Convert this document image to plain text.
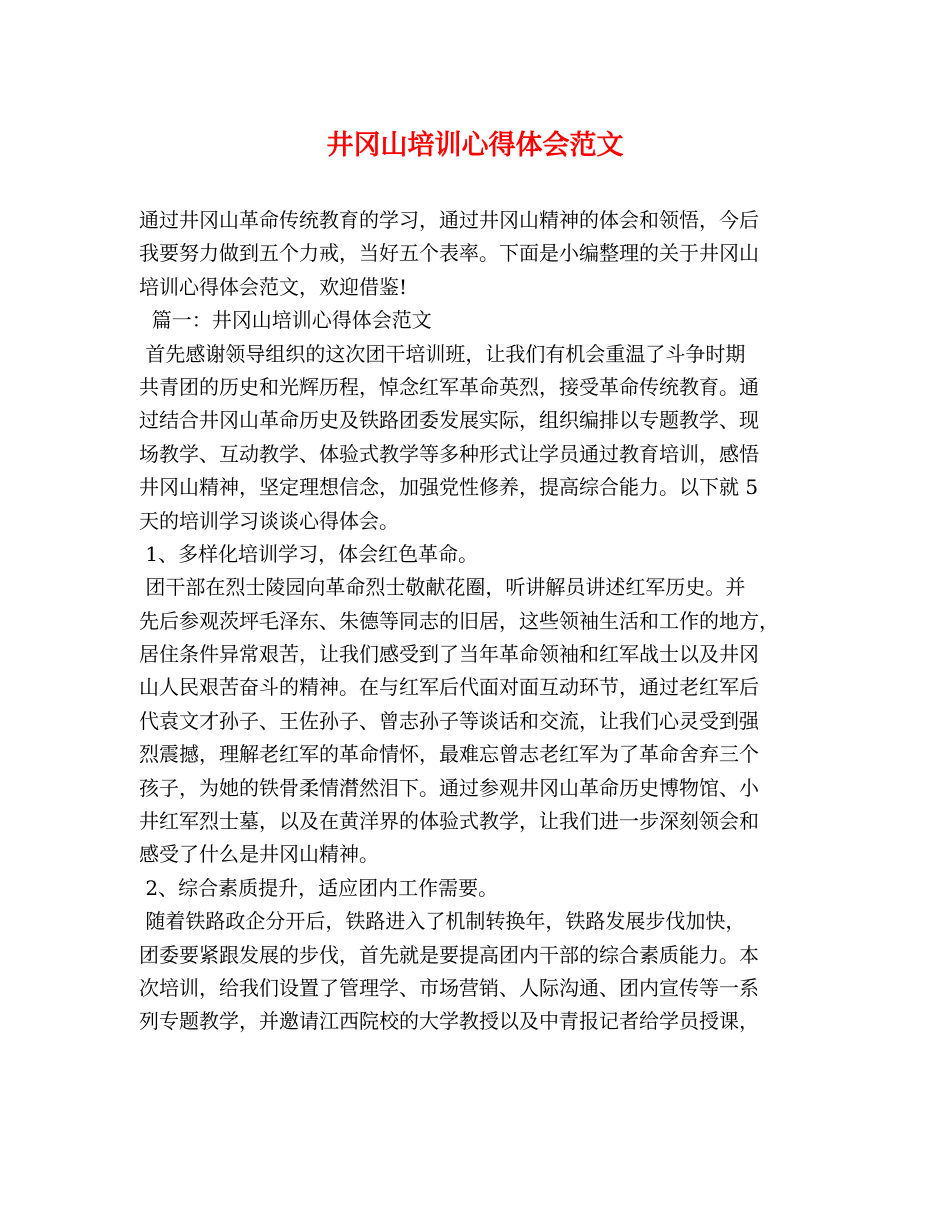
井冈山培训心得体会范文
通过井冈山革命传统教育的学习，通过井冈山精神的体会和领悟，今后
我要努力做到五个力戒，当好五个表率。下面是小编整理的关于井冈山
培训心得体会范文，欢迎借鉴!
篇一：井冈山培训心得体会范文
首先感谢领导组织的这次团干培训班，让我们有机会重温了斗争时期
共青团的历史和光辉历程，悼念红军革命英烈，接受革命传统教育。通
过结合井冈山革命历史及铁路团委发展实际，组织编排以专题教学、现
场教学、互动教学、体验式教学等多种形式让学员通过教育培训，感悟
井冈山精神，坚定理想信念，加强党性修养，提高综合能力。以下就 5
天的培训学习谈谈心得体会。
1、多样化培训学习，体会红色革命。
团干部在烈士陵园向革命烈士敬献花圈，听讲解员讲述红军历史。并
先后参观茨坪毛泽东、朱德等同志的旧居，这些领袖生活和工作的地方，
居住条件异常艰苦，让我们感受到了当年革命领袖和红军战士以及井冈
山人民艰苦奋斗的精神。在与红军后代面对面互动环节，通过老红军后
代袁文才孙子、王佐孙子、曾志孙子等谈话和交流，让我们心灵受到强
烈震撼，理解老红军的革命情怀，最难忘曾志老红军为了革命舍弃三个
孩子，为她的铁骨柔情潸然泪下。通过参观井冈山革命历史博物馆、小
井红军烈士墓，以及在黄洋界的体验式教学，让我们进一步深刻领会和
感受了什么是井冈山精神。
2、综合素质提升，适应团内工作需要。
随着铁路政企分开后，铁路进入了机制转换年，铁路发展步伐加快，
团委要紧跟发展的步伐，首先就是要提高团内干部的综合素质能力。本
次培训，给我们设置了管理学、市场营销、人际沟通、团内宣传等一系
列专题教学，并邀请江西院校的大学教授以及中青报记者给学员授课，
